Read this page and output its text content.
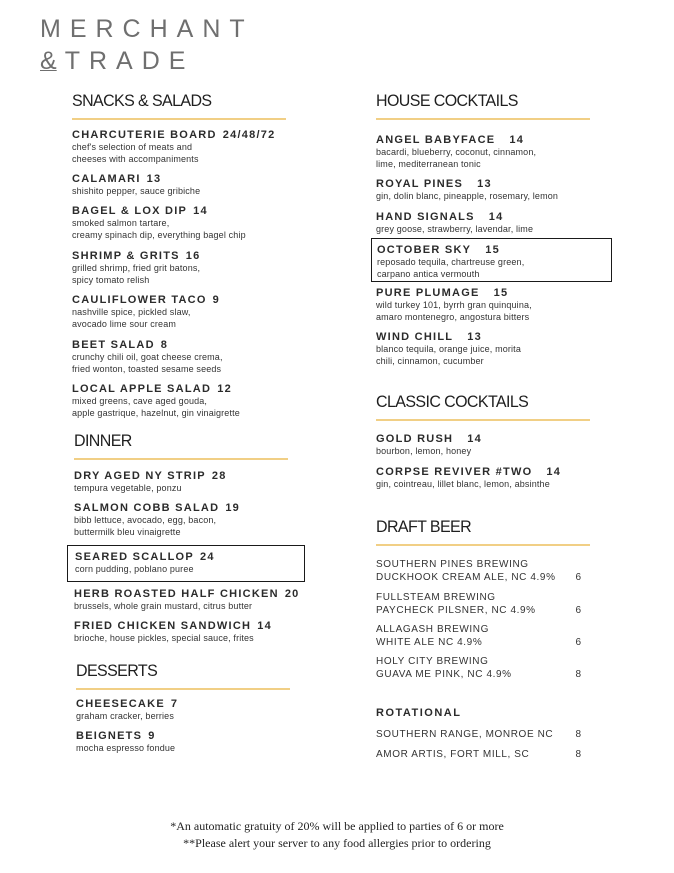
MERCHANT
& TRADE
SNACKS & SALADS
CHARCUTERIE BOARD 24/48/72
chef's selection of meats and
cheeses with accompaniments
CALAMARI 13
shishito pepper, sauce gribiche
BAGEL & LOX DIP 14
smoked salmon tartare,
creamy spinach dip, everything bagel chip
SHRIMP & GRITS 16
grilled shrimp, fried grit batons,
spicy tomato relish
CAULIFLOWER TACO 9
nashville spice, pickled slaw,
avocado lime sour cream
BEET SALAD 8
crunchy chili oil, goat cheese crema,
fried wonton, toasted sesame seeds
LOCAL APPLE SALAD 12
mixed greens, cave aged gouda,
apple gastrique, hazelnut, gin vinaigrette
DINNER
DRY AGED NY STRIP 28
tempura vegetable, ponzu
SALMON COBB SALAD 19
bibb lettuce, avocado, egg, bacon,
buttermilk bleu vinaigrette
SEARED SCALLOP 24
corn pudding, poblano puree
HERB ROASTED HALF CHICKEN 20
brussels, whole grain mustard, citrus butter
FRIED CHICKEN SANDWICH 14
brioche, house pickles, special sauce, frites
DESSERTS
CHEESECAKE 7
graham cracker, berries
BEIGNETS 9
mocha espresso fondue
HOUSE COCKTAILS
ANGEL BABYFACE 14
bacardi, blueberry, coconut, cinnamon,
lime, mediterranean tonic
ROYAL PINES 13
gin, dolin blanc, pineapple, rosemary, lemon
HAND SIGNALS 14
grey goose, strawberry, lavendar, lime
OCTOBER SKY 15
reposado tequila, chartreuse green,
carpano antica vermouth
PURE PLUMAGE 15
wild turkey 101, byrrh gran quinquina,
amaro montenegro, angostura bitters
WIND CHILL 13
blanco tequila, orange juice, morita
chili, cinnamon, cucumber
CLASSIC COCKTAILS
GOLD RUSH 14
bourbon, lemon, honey
CORPSE REVIVER #TWO 14
gin, cointreau, lillet blanc, lemon, absinthe
DRAFT BEER
SOUTHERN PINES BREWING
DUCKHOOK CREAM ALE, NC 4.9% 6
FULLSTEAM BREWING
PAYCHECK PILSNER, NC 4.9%	6
ALLAGASH BREWING
WHITE ALE NC 4.9%	6
HOLY CITY BREWING
GUAVA ME PINK, NC 4.9%	8
ROTATIONAL
SOUTHERN RANGE, MONROE NC 8
AMOR ARTIS, FORT MILL, SC	8
*An automatic gratuity of 20% will be applied to parties of 6 or more
**Please alert your server to any food allergies prior to ordering
